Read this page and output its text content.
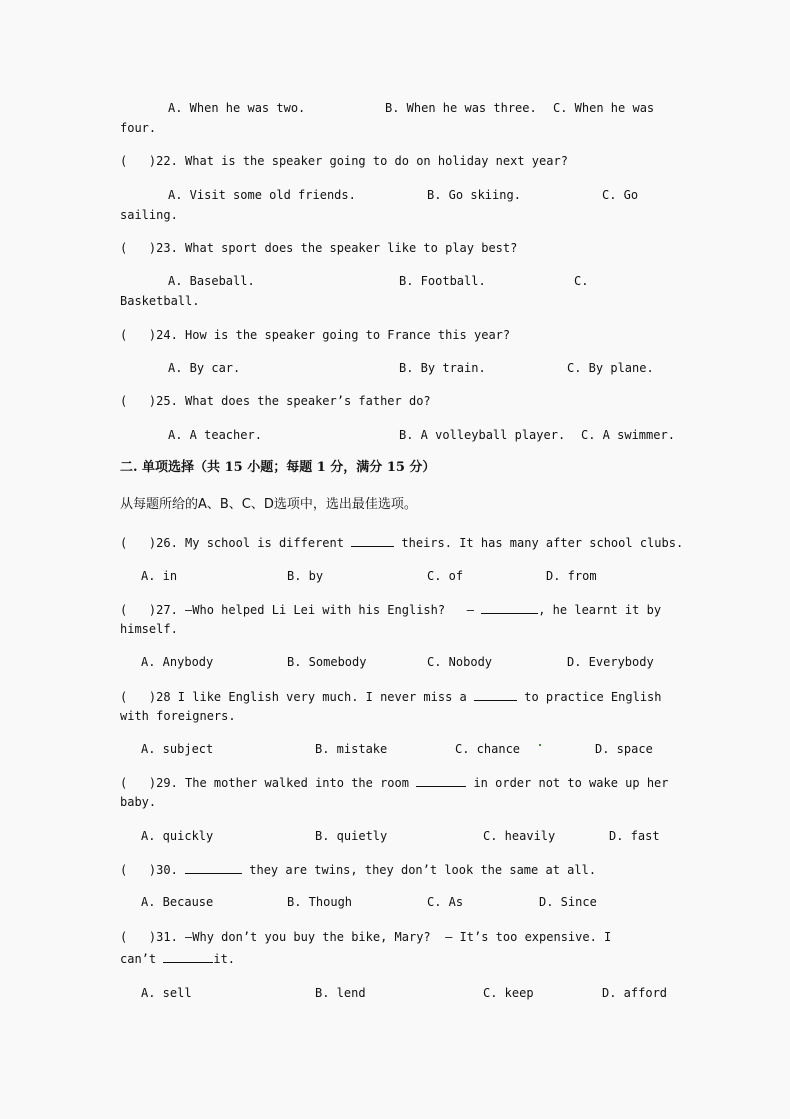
A. When he was two.	B. When he was three. C. When he was
four.
(   )22. What is the speaker going to do on holiday next year?
A. Visit some old friends.	B. Go skiing.	C. Go
sailing.
(   )23. What sport does the speaker like to play best?
A. Baseball.	B. Football.	C.
Basketball.
(   )24. How is the speaker going to France this year?
A. By car.	B. By train.	C. By plane.
(   )25. What does the speaker’s father do?
A. A teacher.	B. A volleyball player. C. A swimmer.
二. 单项选择（共 15 小题；每题 1 分，满分 15 分）
从每题所给的A、B、C、D选项中，选出最佳选项。
(   )26. My school is different	theirs. It has many after school clubs.
A. in	B. by	C. of	D. from
(   )27. —Who helped Li Lei with his English?   —	, he learnt it by
himself.
A. Anybody	B. Somebody	C. Nobody	D. Everybody
(   )28 I like English very much. I never miss a	to practice English
with foreigners.
A. subject	B. mistake	C. chance	D. space
(   )29. The mother walked into the room	in order not to wake up her
baby.
A. quickly	B. quietly	C. heavily	D. fast
(   )30.	they are twins, they don’t look the same at all.
A. Because	B. Though	C. As	D. Since
(   )31. —Why don’t you buy the bike, Mary?  — It’s too expensive. I
can’t	it.
A. sell	B. lend	C. keep	D. afford
